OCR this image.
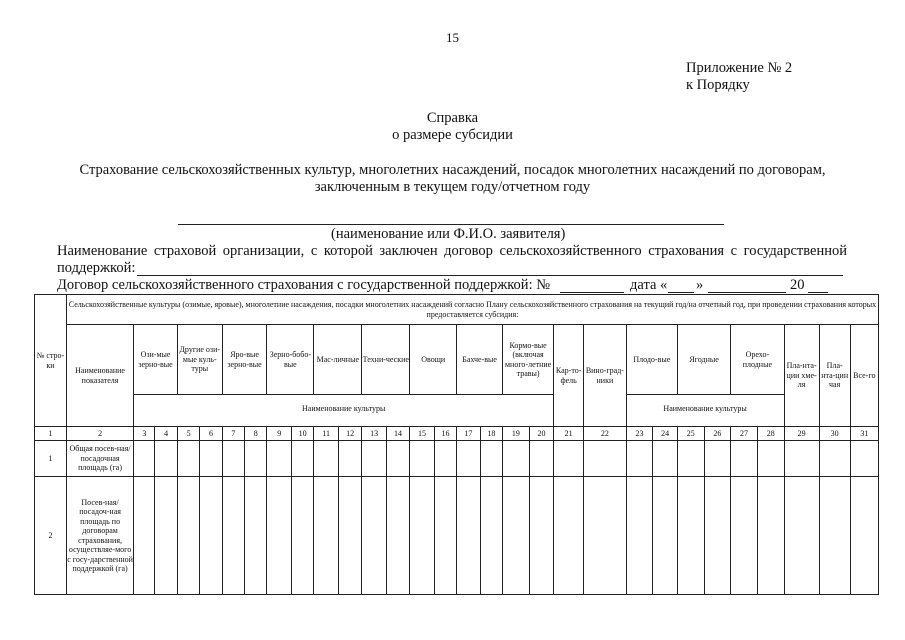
15
Приложение № 2
к Порядку
Справка
о размере субсидии
Страхование сельскохозяйственных культур, многолетних насаждений, посадок многолетних насаждений по договорам,
заключенным в текущем году/отчетном году
(наименование или Ф.И.О. заявителя)
Наименование страховой организации, с которой заключен договор сельскохозяйственного страхования с государственной
поддержкой:
Договор сельскохозяйственного страхования с государственной поддержкой: №	дата « »	20
№ стро-ки	Сельскохозяйственные культуры (озимые, яровые), многолетние насаждения, посадки многолетних насаждений согласно Плану сельскохозяйственного страхования на текущий год/на отчетный год, при проведении страхования которых предоставляется субсидия:																													
	Наименование показателя	Ози-мые зерно-вые		Другие ози-мые куль-туры		Яро-вые зерно-вые		Зерно-бобо-вые		Мас-личные		Техни-ческие		Овощи		Бахче-вые		Кормо-вые (включая много-летние травы)		Кар-то-фель	Вино-град-ники	Плодо-вые		Ягодные		Орехо-плодные		Пла-нта-ции хме-ля	Пла-нта-цин чая	Все-го
		Наименование культуры																				Наименование культуры								
1	2	3	4	5	6	7	8	9	10	11	12	13	14	15	16	17	18	19	20	21	22	23	24	25	26	27	28	29	30	31
1	Общая посев-ная/посадочная площадь (га)																													
2	Посев-ная/посадоч-ная площадь по договорам страхования, осуществляе-мого с госу-дарственной поддержкой (га)																													
